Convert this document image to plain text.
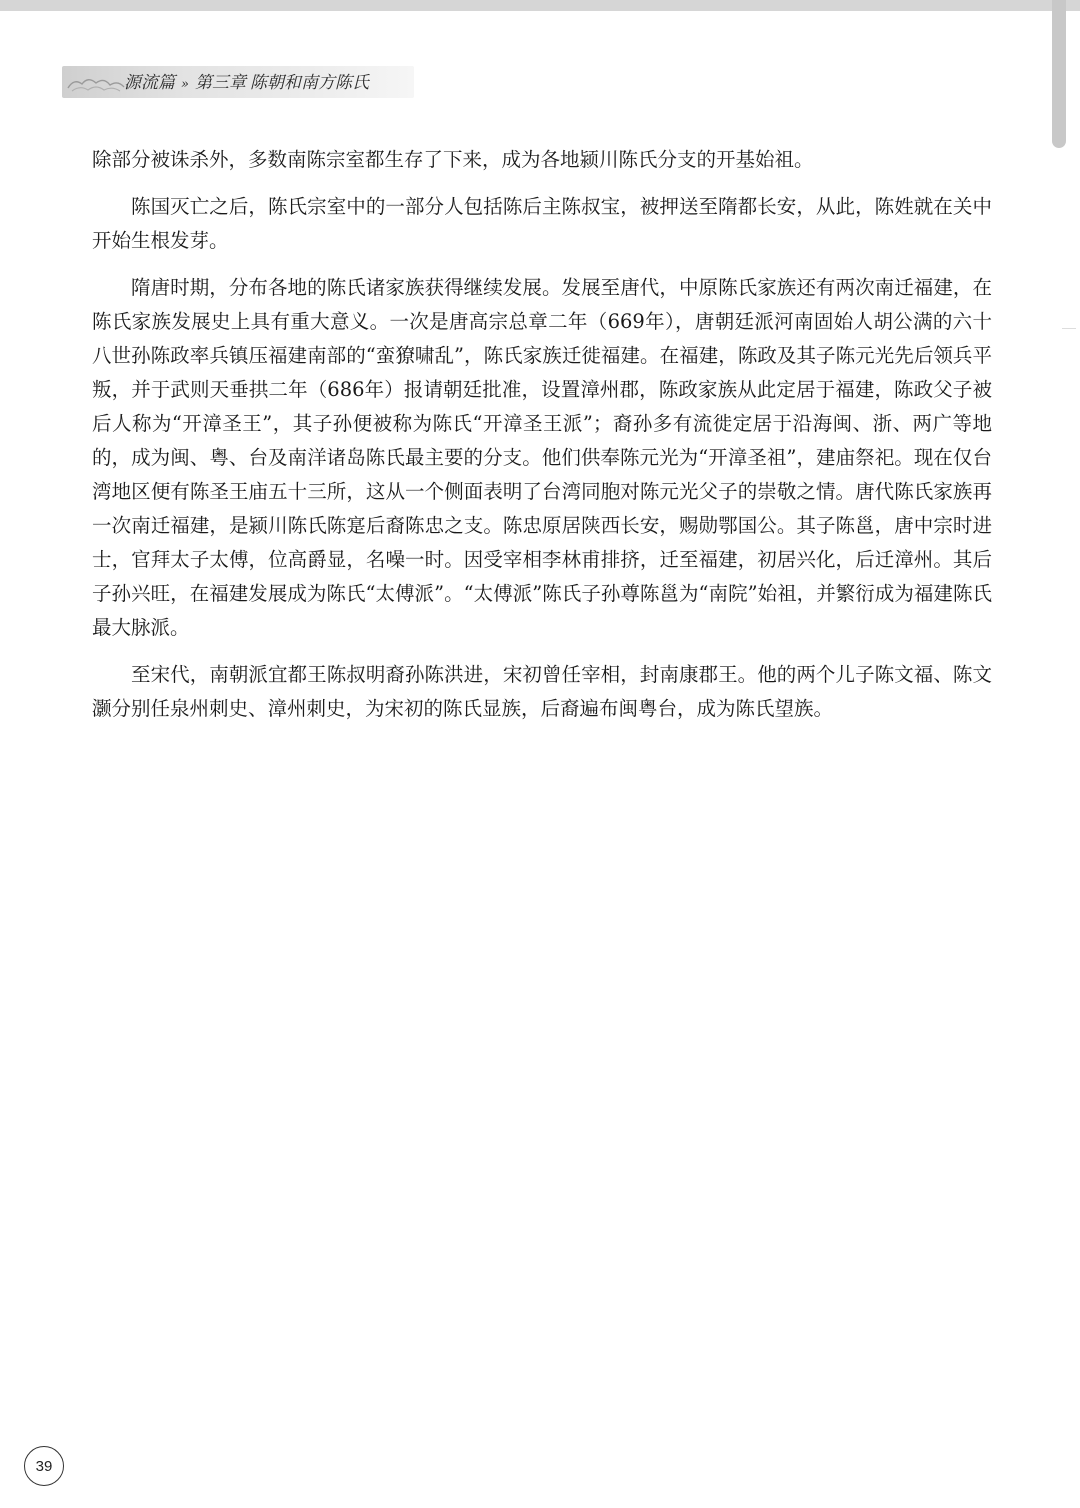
源流篇 » 第三章 陈朝和南方陈氏

除部分被诛杀外，多数南陈宗室都生存了下来，成为各地颍川陈氏分支的开基始祖。

陈国灭亡之后，陈氏宗室中的一部分人包括陈后主陈叔宝，被押送至隋都长安，从此，陈姓就在关中开始生根发芽。

隋唐时期，分布各地的陈氏诸家族获得继续发展。发展至唐代，中原陈氏家族还有两次南迁福建，在陈氏家族发展史上具有重大意义。一次是唐高宗总章二年（669年），唐朝廷派河南固始人胡公满的六十八世孙陈政率兵镇压福建南部的“蛮獠啸乱”，陈氏家族迁徙福建。在福建，陈政及其子陈元光先后领兵平叛，并于武则天垂拱二年（686年）报请朝廷批准，设置漳州郡，陈政家族从此定居于福建，陈政父子被后人称为“开漳圣王”，其子孙便被称为陈氏“开漳圣王派”；裔孙多有流徙定居于沿海闽、浙、两广等地的，成为闽、粤、台及南洋诸岛陈氏最主要的分支。他们供奉陈元光为“开漳圣祖”，建庙祭祀。现在仅台湾地区便有陈圣王庙五十三所，这从一个侧面表明了台湾同胞对陈元光父子的崇敬之情。唐代陈氏家族再一次南迁福建，是颍川陈氏陈寔后裔陈忠之支。陈忠原居陕西长安，赐勋鄂国公。其子陈邕，唐中宗时进士，官拜太子太傅，位高爵显，名噪一时。因受宰相李林甫排挤，迁至福建，初居兴化，后迁漳州。其后子孙兴旺，在福建发展成为陈氏“太傅派”。“太傅派”陈氏子孙尊陈邕为“南院”始祖，并繁衍成为福建陈氏最大脉派。

至宋代，南朝派宜都王陈叔明裔孙陈洪进，宋初曾任宰相，封南康郡王。他的两个儿子陈文福、陈文灏分别任泉州刺史、漳州刺史，为宋初的陈氏显族，后裔遍布闽粤台，成为陈氏望族。

39
